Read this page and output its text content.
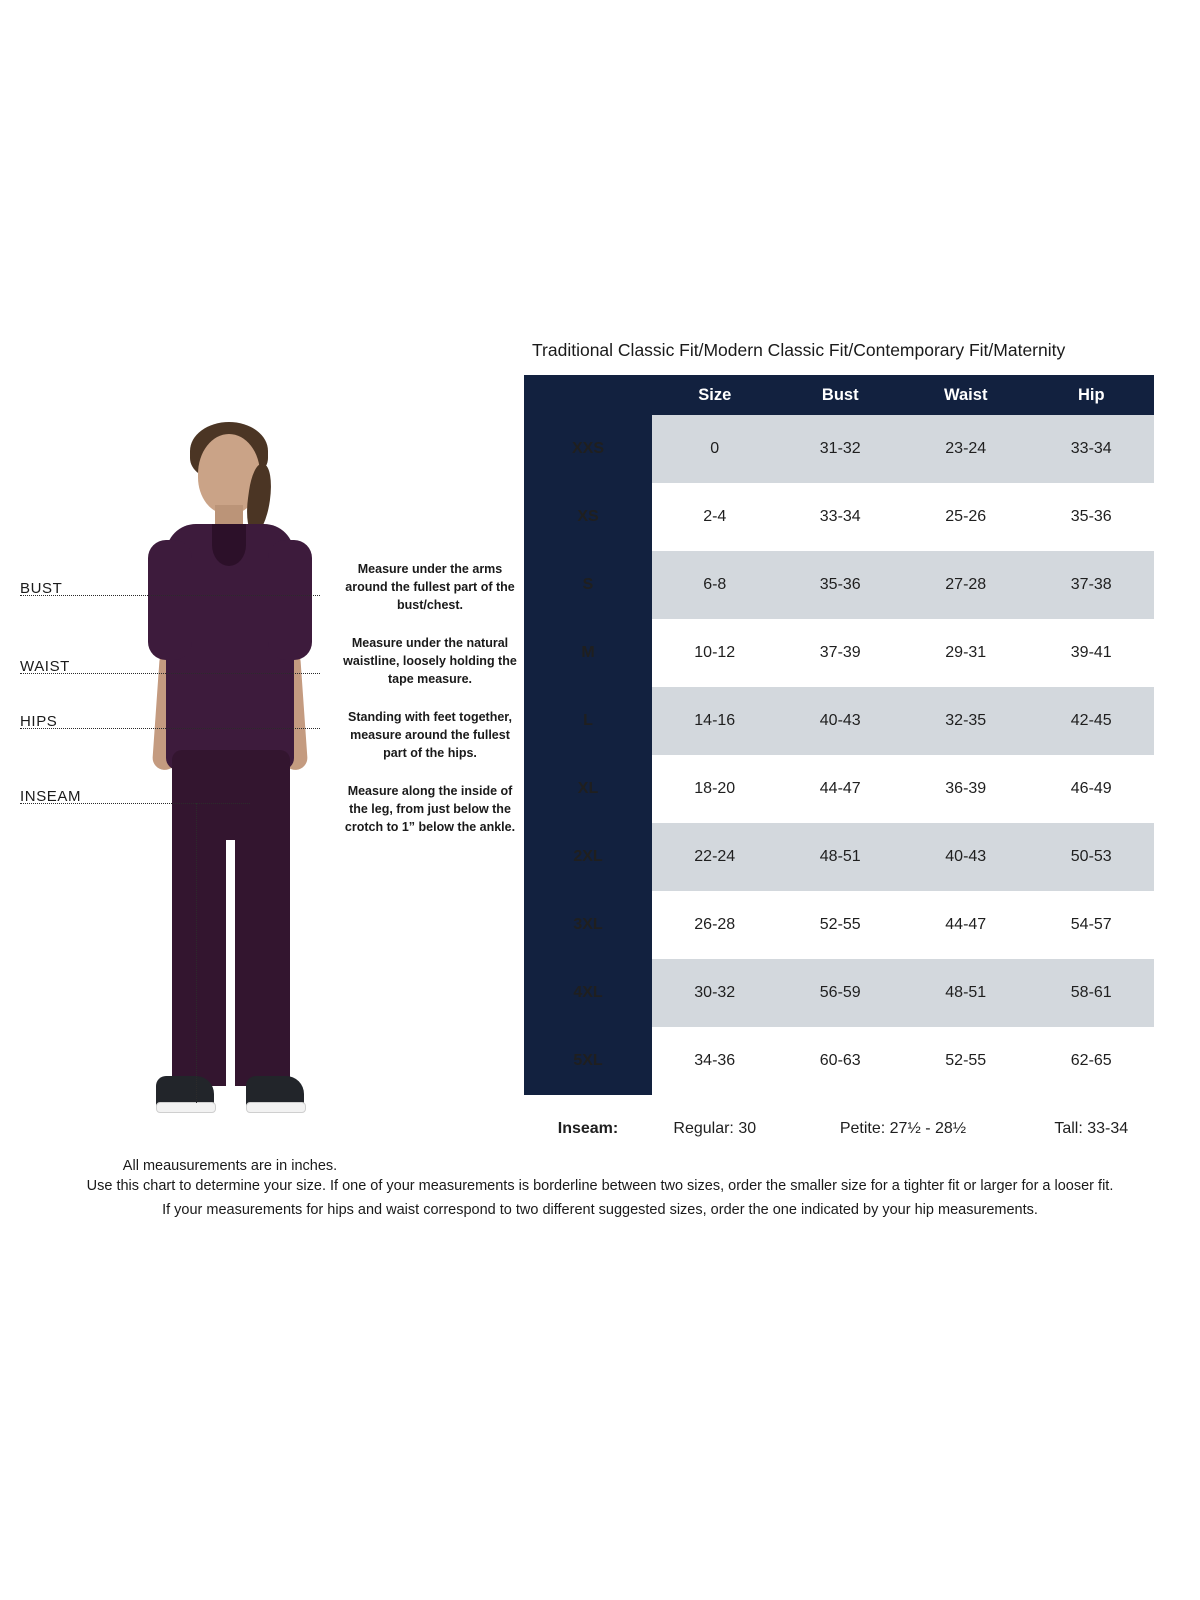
BUST
WAIST
HIPS
INSEAM
Measure under the arms around the fullest part of the bust/chest.
Measure under the natural waistline, loosely holding the tape measure.
Standing with feet together, measure around the fullest part of the hips.
Measure along the inside of the leg, from just below the crotch to 1” below the ankle.
All meausurements are in inches.
Traditional Classic Fit/Modern Classic Fit/Contemporary Fit/Maternity
	Size	Bust	Waist	Hip
XXS	0	31-32	23-24	33-34
XS	2-4	33-34	25-26	35-36
S	6-8	35-36	27-28	37-38
M	10-12	37-39	29-31	39-41
L	14-16	40-43	32-35	42-45
XL	18-20	44-47	36-39	46-49
2XL	22-24	48-51	40-43	50-53
3XL	26-28	52-55	44-47	54-57
4XL	30-32	56-59	48-51	58-61
5XL	34-36	60-63	52-55	62-65
Inseam:	Regular: 30	Petite: 27½ - 28½		Tall: 33-34
Use this chart to determine your size. If one of your measurements is borderline between two sizes, order the smaller size for a tighter fit or larger for a looser fit.
If your measurements for hips and waist correspond to two different suggested sizes, order the one indicated by your hip measurements.
